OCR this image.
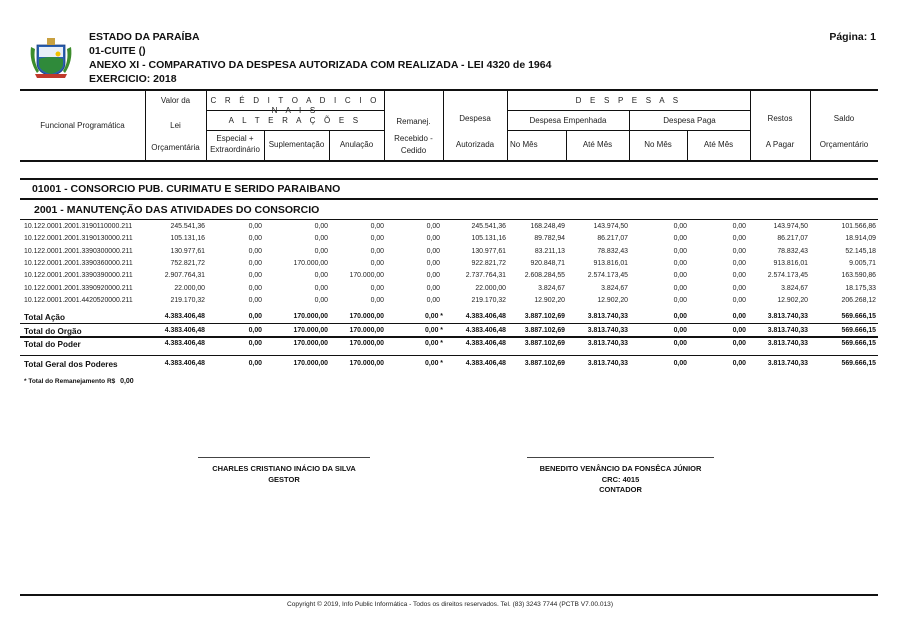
ESTADO DA PARAÍBA
01-CUITE ()
ANEXO XI - COMPARATIVO DA DESPESA AUTORIZADA COM REALIZADA - LEI 4320 de 1964
EXERCICIO: 2018
Página: 1
Funcional Programática
Valor da
Lei
Orçamentária
C R É D I T O A D I C I O N A I S
A L T E R A Ç Õ E S
Especial +
Extraordinário
Suplementação	Anulação
Remanej.
Recebido -
Cedido
Despesa
Autorizada
D E S P E S A S
Despesa Empenhada	Despesa Paga
No Mês	Até Mês	No Mês	Até Mês
Restos
A Pagar
Saldo
Orçamentário
01001 - CONSORCIO PUB. CURIMATU E SERIDO PARAIBANO
2001 - MANUTENÇÃO DAS ATIVIDADES DO CONSORCIO
10.122.0001.2001.3190110000.211	245.541,36	0,00	0,00	0,00	0,00	245.541,36	168.248,49	143.974,50	0,00	0,00	143.974,50	101.566,86
10.122.0001.2001.3190130000.211	105.131,16	0,00	0,00	0,00	0,00	105.131,16	89.782,94	86.217,07	0,00	0,00	86.217,07	18.914,09
10.122.0001.2001.3390300000.211	130.977,61	0,00	0,00	0,00	0,00	130.977,61	83.211,13	78.832,43	0,00	0,00	78.832,43	52.145,18
10.122.0001.2001.3390360000.211	752.821,72	0,00	170.000,00	0,00	0,00	922.821,72	920.848,71	913.816,01	0,00	0,00	913.816,01	9.005,71
10.122.0001.2001.3390390000.211	2.907.764,31	0,00	0,00	170.000,00	0,00	2.737.764,31	2.608.284,55	2.574.173,45	0,00	0,00	2.574.173,45	163.590,86
10.122.0001.2001.3390920000.211	22.000,00	0,00	0,00	0,00	0,00	22.000,00	3.824,67	3.824,67	0,00	0,00	3.824,67	18.175,33
10.122.0001.2001.4420520000.211	219.170,32	0,00	0,00	0,00	0,00	219.170,32	12.902,20	12.902,20	0,00	0,00	12.902,20	206.268,12
Total Ação	4.383.406,48	0,00	170.000,00	170.000,00	0,00 *	4.383.406,48	3.887.102,69	3.813.740,33	0,00	0,00	3.813.740,33	569.666,15
Total do Orgão	4.383.406,48	0,00	170.000,00	170.000,00	0,00 *	4.383.406,48	3.887.102,69	3.813.740,33	0,00	0,00	3.813.740,33	569.666,15
Total do Poder	4.383.406,48	0,00	170.000,00	170.000,00	0,00 *	4.383.406,48	3.887.102,69	3.813.740,33	0,00	0,00	3.813.740,33	569.666,15
Total Geral dos Poderes	4.383.406,48	0,00	170.000,00	170.000,00	0,00 *	4.383.406,48	3.887.102,69	3.813.740,33	0,00	0,00	3.813.740,33	569.666,15
* Total do Remanejamento R$ 0,00
CHARLES CRISTIANO INÁCIO DA SILVA
GESTOR
BENEDITO VENÂNCIO DA FONSÊCA JÚNIOR
CRC: 4015
CONTADOR
Copyright © 2019, Info Public Informática - Todos os direitos reservados. Tel. (83) 3243 7744 (PCTB V7.00.013)
